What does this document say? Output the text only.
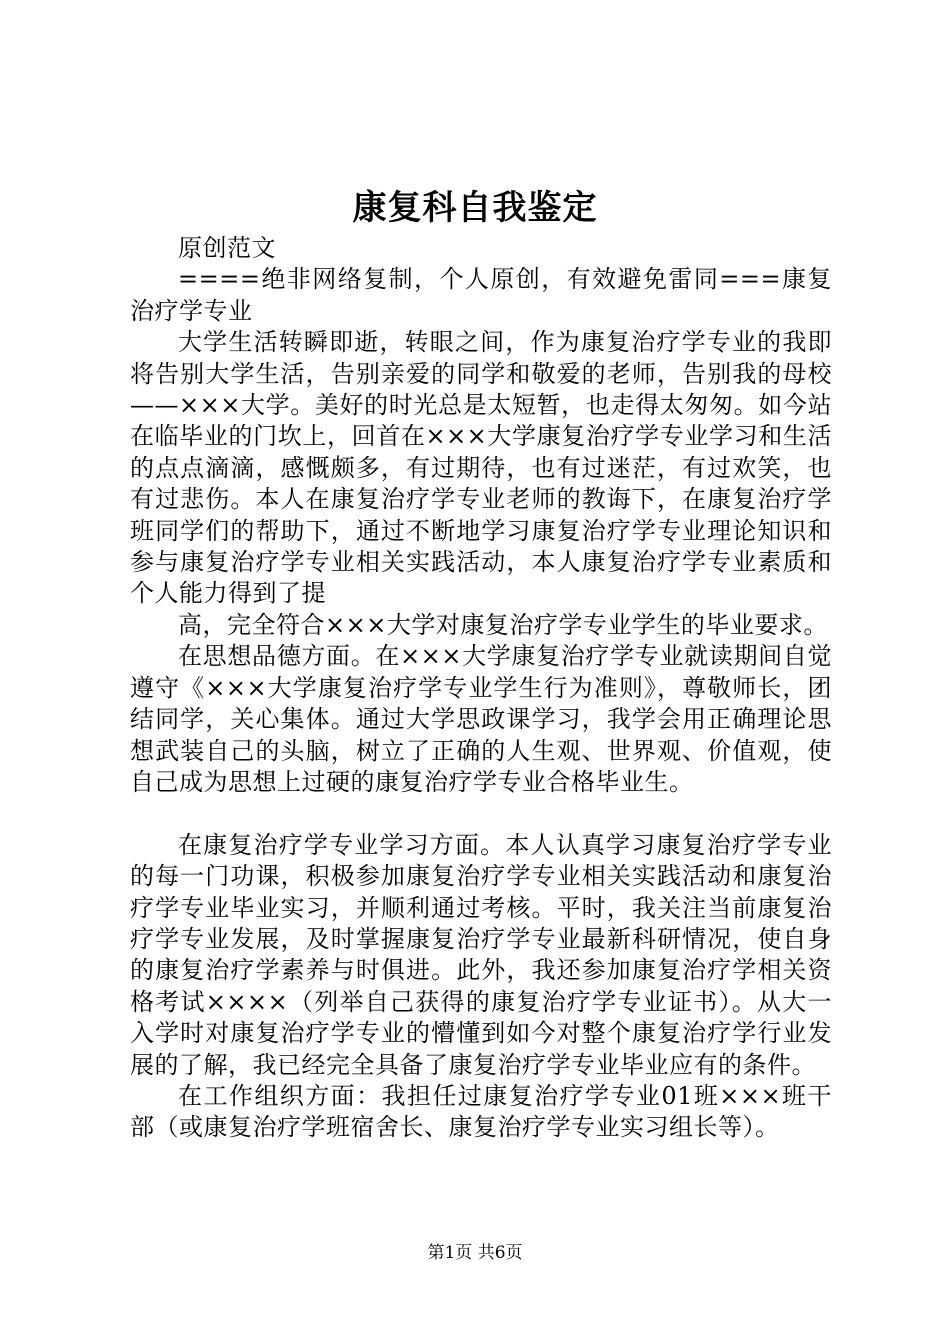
康复科自我鉴定

原创范文

====绝非网络复制，个人原创，有效避免雷同===康复治疗学专业

大学生活转瞬即逝，转眼之间，作为康复治疗学专业的我即将告别大学生活，告别亲爱的同学和敬爱的老师，告别我的母校——×××大学。美好的时光总是太短暂，也走得太匆匆。如今站在临毕业的门坎上，回首在×××大学康复治疗学专业学习和生活的点点滴滴，感慨颇多，有过期待，也有过迷茫，有过欢笑，也有过悲伤。本人在康复治疗学专业老师的教诲下，在康复治疗学班同学们的帮助下，通过不断地学习康复治疗学专业理论知识和参与康复治疗学专业相关实践活动，本人康复治疗学专业素质和个人能力得到了提

高，完全符合×××大学对康复治疗学专业学生的毕业要求。

在思想品德方面。在×××大学康复治疗学专业就读期间自觉遵守《×××大学康复治疗学专业学生行为准则》，尊敬师长，团结同学，关心集体。通过大学思政课学习，我学会用正确理论思想武装自己的头脑，树立了正确的人生观、世界观、价值观，使自己成为思想上过硬的康复治疗学专业合格毕业生。

在康复治疗学专业学习方面。本人认真学习康复治疗学专业的每一门功课，积极参加康复治疗学专业相关实践活动和康复治疗学专业毕业实习，并顺利通过考核。平时，我关注当前康复治疗学专业发展，及时掌握康复治疗学专业最新科研情况，使自身的康复治疗学素养与时俱进。此外，我还参加康复治疗学相关资格考试××××（列举自己获得的康复治疗学专业证书）。从大一入学时对康复治疗学专业的懵懂到如今对整个康复治疗学行业发展的了解，我已经完全具备了康复治疗学专业毕业应有的条件。

在工作组织方面：我担任过康复治疗学专业01班×××班干部（或康复治疗学班宿舍长、康复治疗学专业实习组长等）。

第1页 共6页
